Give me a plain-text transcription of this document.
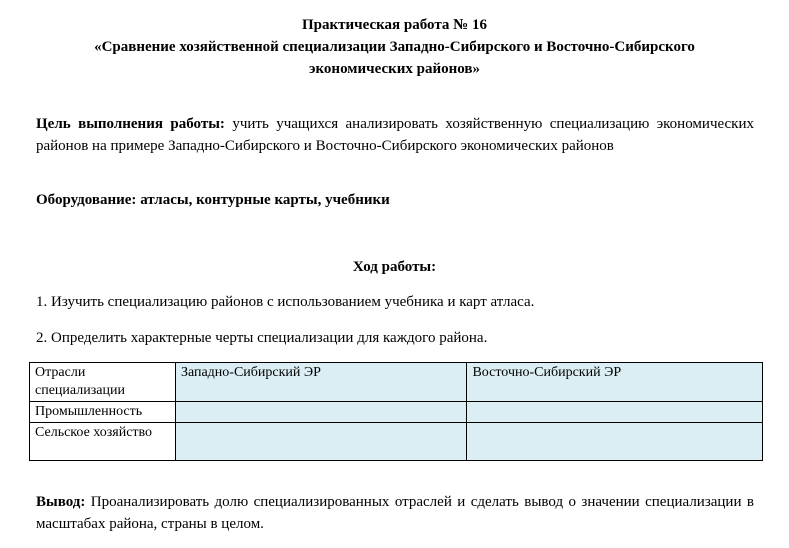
Практическая работа № 16
«Сравнение хозяйственной специализации Западно-Сибирского и Восточно-Сибирского
экономических районов»
Цель выполнения работы: учить учащихся анализировать хозяйственную специализацию экономических районов на примере Западно-Сибирского и Восточно-Сибирского экономических районов
Оборудование: атласы, контурные карты, учебники
Ход работы:
1. Изучить специализацию районов с использованием учебника и карт атласа.
2. Определить характерные черты специализации для каждого района.
Отрасли специализации	Западно-Сибирский ЭР	Восточно-Сибирский ЭР
Промышленность		
Сельское хозяйство		
Вывод: Проанализировать долю специализированных отраслей и сделать вывод о значении специализации в масштабах района, страны в целом.
